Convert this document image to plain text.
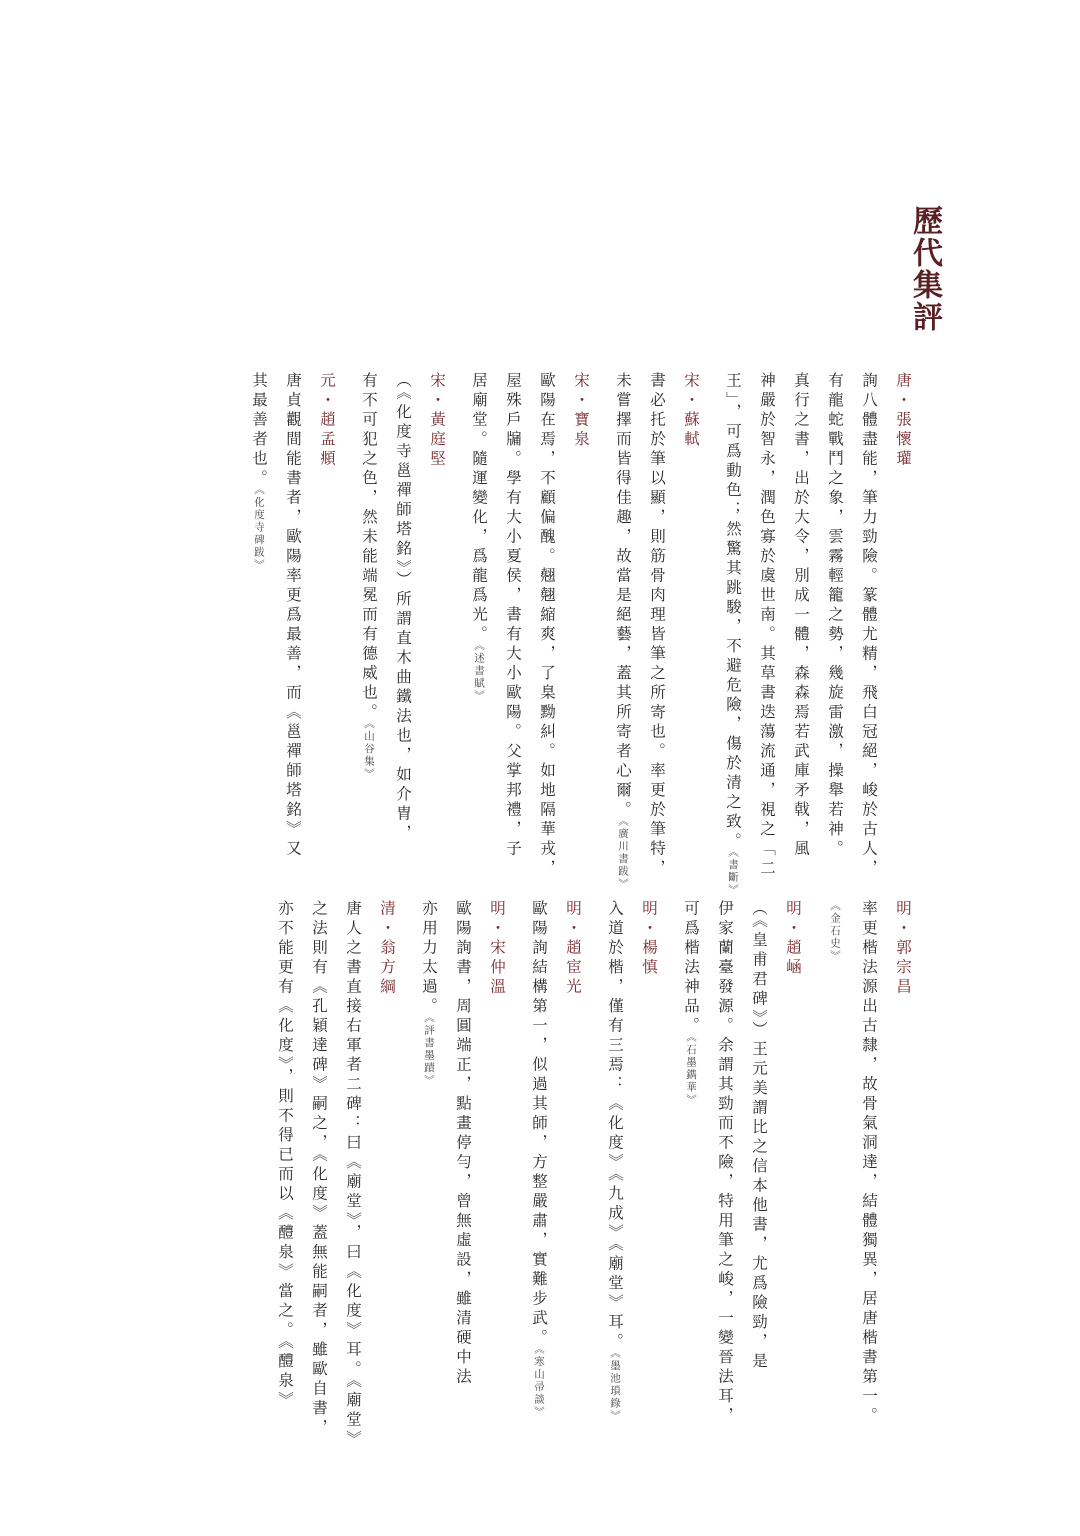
歷代集評
唐・張懷瓘
詢八體盡能，筆力勁險。篆體尤精，飛白冠絕，峻於古人，
有龍蛇戰鬥之象，雲霧輕籠之勢，幾旋雷激，操舉若神。
真行之書，出於大令，別成一體，森森焉若武庫矛戟，風
神嚴於智永，潤色寡於虞世南。其草書迭蕩流通，視之「二
王」，可爲動色；然驚其跳駿，不避危險，傷於清之致。《書斷》
宋・蘇軾
書必托於筆以顯，則筋骨肉理皆筆之所寄也。率更於筆特，
未嘗擇而皆得佳趣，故當是絕藝，蓋其所寄者心爾。《廣川書跋》
宋・寶泉
歐陽在焉，不顧偏醜。翹翹縮爽，了臬黝糾。如地隔華戎，
屋殊戶牖。學有大小夏侯，書有大小歐陽。父掌邦禮，子
居廟堂。隨運變化，爲龍爲光。《述書賦》
宋・黃庭堅
（《化度寺邕禪師塔銘》）所謂直木曲鐵法也，如介胄，
有不可犯之色，然未能端冕而有德威也。《山谷集》
元・趙孟頫
唐貞觀間能書者，歐陽率更爲最善，而《邕禪師塔銘》又
其最善者也。《化度寺碑跋》
明・郭宗昌
率更楷法源出古隸，故骨氣洞達，結體獨異，居唐楷書第一。
《金石史》
明・趙崡
（《皇甫君碑》）王元美謂比之信本他書，尤爲險勁，是
伊家蘭臺發源。余謂其勁而不險，特用筆之峻，一變晉法耳，
可爲楷法神品。《石墨鐫華》
明・楊慎
入道於楷，僅有三焉：《化度》《九成》《廟堂》耳。《墨池瑣錄》
明・趙宦光
歐陽詢結構第一，似過其師，方整嚴肅，實難步武。《寒山帚談》
明・宋仲溫
歐陽詢書，周圓端正，點畫停勻，曾無虛設，雖清硬中法
亦用力太過。《評書墨蹟》
清・翁方綱
唐人之書直接右軍者二碑：曰《廟堂》，曰《化度》耳。《廟堂》
之法則有《孔穎達碑》嗣之，《化度》蓋無能嗣者，雖歐自書，
亦不能更有《化度》，則不得已而以《醴泉》當之。《醴泉》
